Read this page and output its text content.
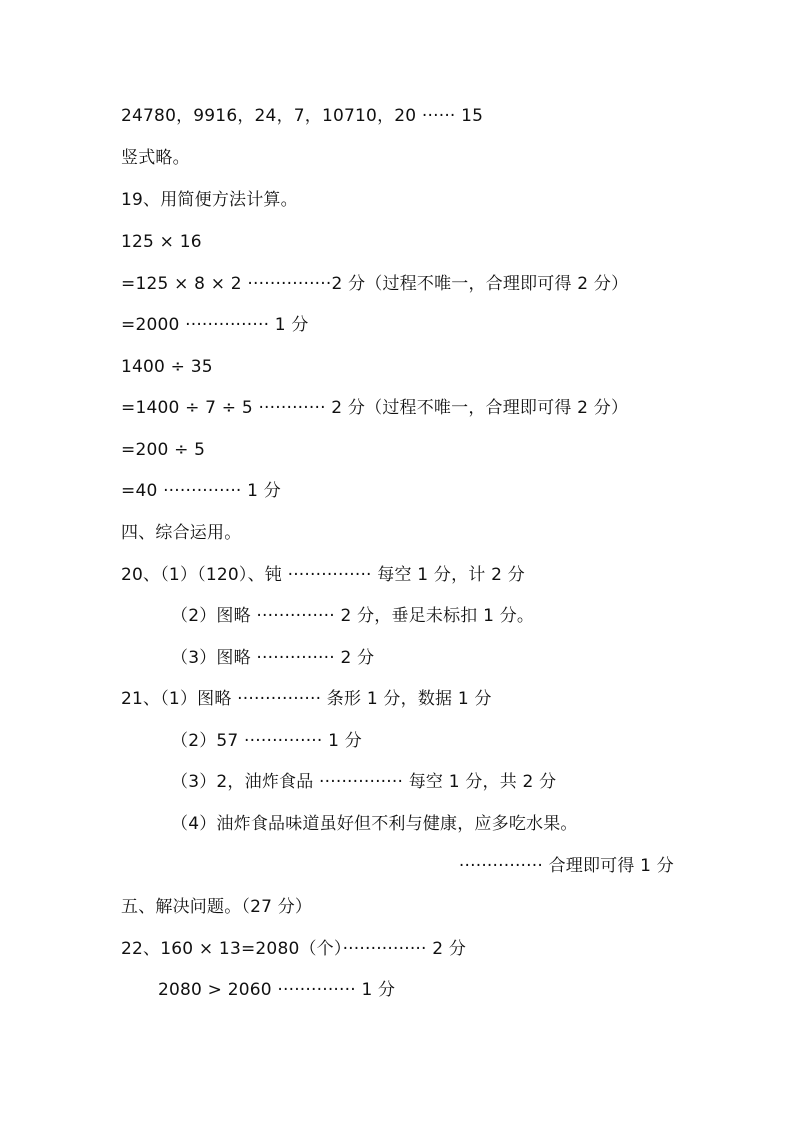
24780，9916，24，7，10710，20 ······ 15
竖式略。
19、用简便方法计算。
125 × 16
=125 × 8 × 2 ···············2 分（过程不唯一，合理即可得 2 分）
=2000 ··············· 1 分
1400 ÷ 35
=1400 ÷ 7 ÷ 5 ············ 2 分（过程不唯一，合理即可得 2 分）
=200 ÷ 5
=40 ·············· 1 分
四、综合运用。
20、（1）（120）、钝 ··············· 每空 1 分，计 2 分
（2）图略 ·············· 2 分，垂足未标扣 1 分。
（3）图略 ·············· 2 分
21、（1）图略 ··············· 条形 1 分，数据 1 分
（2）57 ·············· 1 分
（3）2，油炸食品 ··············· 每空 1 分，共 2 分
（4）油炸食品味道虽好但不利与健康，应多吃水果。
··············· 合理即可得 1 分
五、解决问题。（27 分）
22、160 × 13=2080（个）··············· 2 分
2080 > 2060 ·············· 1 分
